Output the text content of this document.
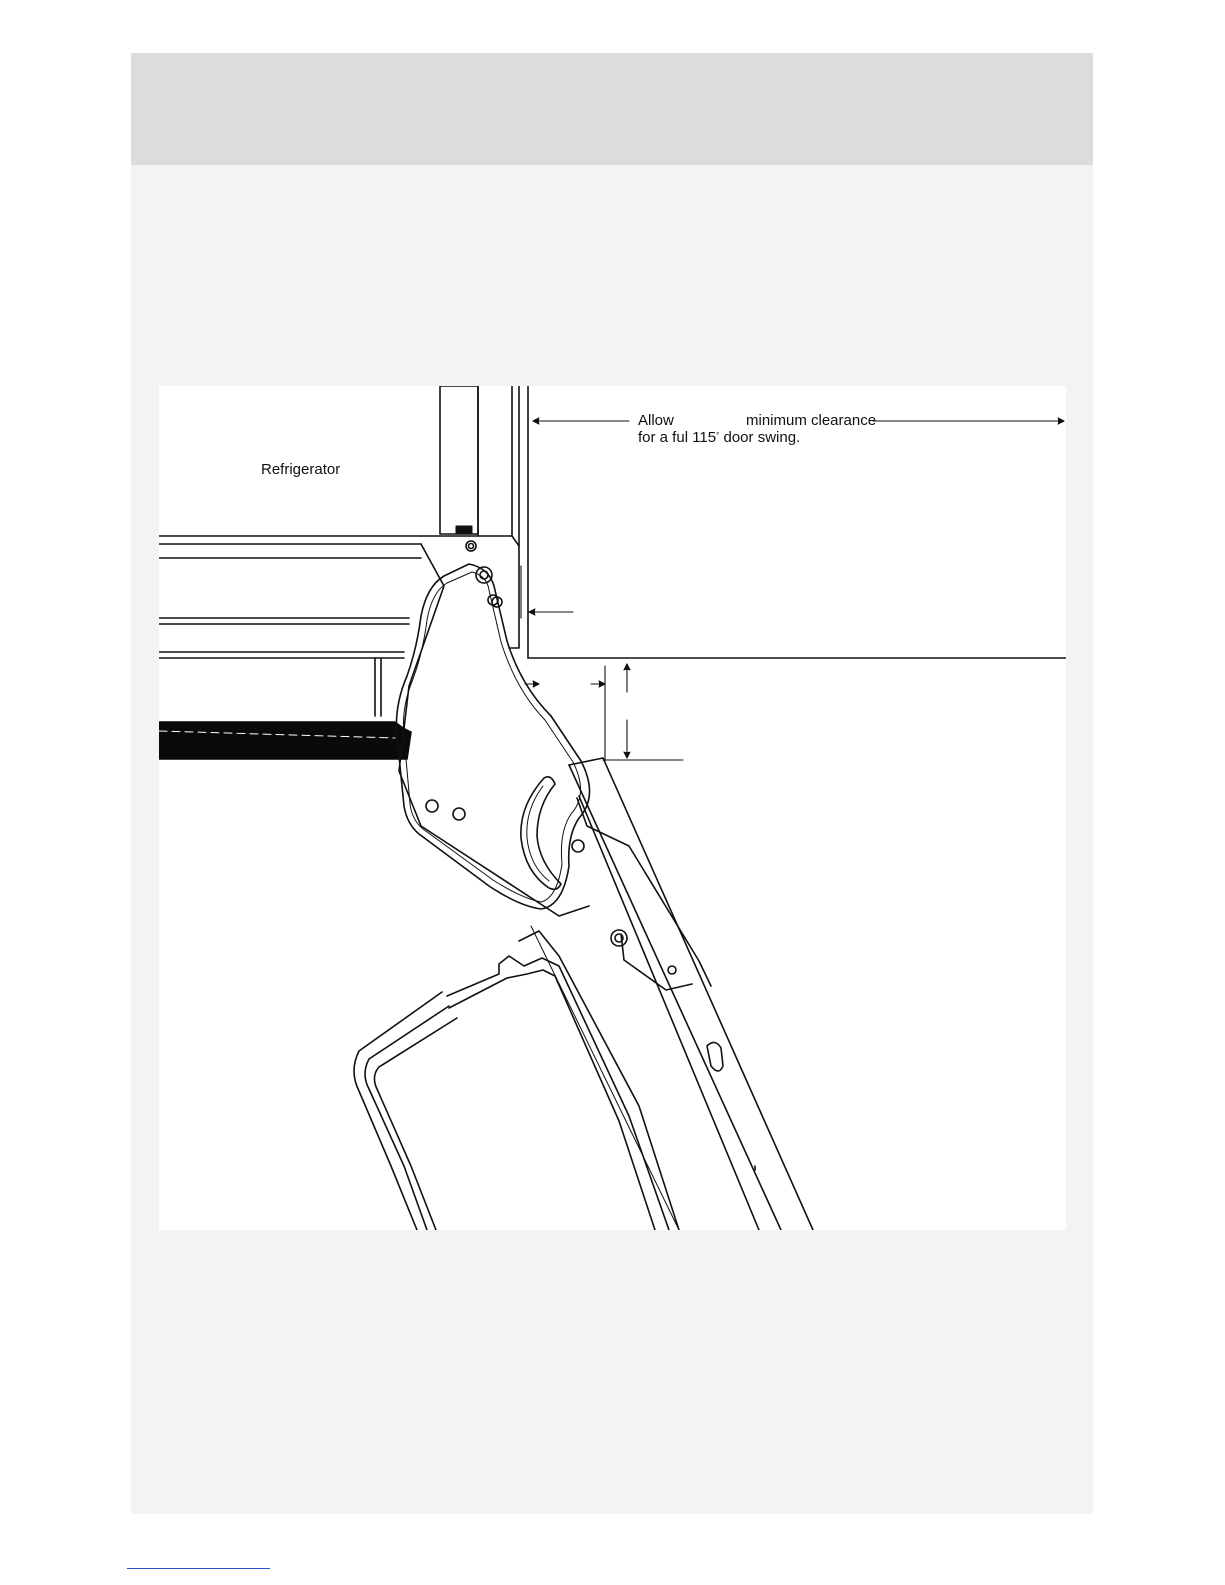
Refrigerator
Allow	minimum clearance
for a ful 115° door swing.
